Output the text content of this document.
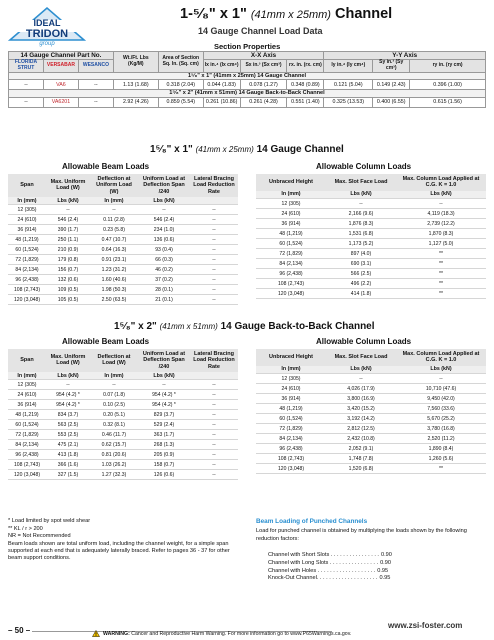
IDEAL
TRIDON
group
1-⁵⁄₈" x 1" (41mm x 25mm) Channel
14 Gauge Channel Load Data
Section Properties
14 Gauge Channel Part No.			Wt./Ft. Lbs (Kg/M)	Area of Section Sq. In. (Sq. cm)	X-X Axis			Y-Y Axis		
FLORIDA STRUT	VERSABAR	WESANCO			Ix in.⁴ (Ix cm⁴)	Sx in.³ (Sx cm³)	rx. in. (rx. cm)	Iy in.⁴ (Iy cm⁴)	Sy in.³ (Sy cm³)	ry in. (ry cm)
1⁵⁄₈" x 1" (41mm x 25mm) 14 Gauge Channel										
--	VA6	--	1.13 (1.68)	0.318 (2.04)	0.044 (1.83)	0.078 (1.27)	0.348 (0.89)	0.121 (5.04)	0.149 (2.43)	0.396 (1.00)
1⁵⁄₈" x 2" (41mm x 51mm) 14 Gauge Back-to-Back Channel										
--	VA6201	--	2.92 (4.26)	0.859 (5.54)	0.261 (10.86)	0.261 (4.28)	0.551 (1.40)	0.325 (13.53)	0.400 (6.55)	0.615 (1.56)
1⁵⁄₈" x 1" (41mm x 25mm) 14 Gauge Channel
Allowable Beam Loads	Allowable Column Loads
Span	Max. Uniform Load (W)	Deflection at Uniform Load (W)	Uniform Load at Deflection Span /240	Lateral Bracing Load Reduction Rate
In (mm)	Lbs (kN)	In (mm)	Lbs (kN)	
12 (305)	--	--	--	--
24 (610)	546 (2.4)	0.11 (2.8)	546 (2.4)	--
36 (914)	390 (1.7)	0.23 (5.8)	234 (1.0)	--
48 (1,219)	250 (1.1)	0.47 (10.7)	136 (0.6)	--
60 (1,524)	210 (0.9)	0.64 (16.3)	93 (0.4)	--
72 (1,829)	179 (0.8)	0.91 (23.1)	66 (0.3)	--
84 (2,134)	156 (0.7)	1.23 (31.2)	46 (0.2)	--
96 (2,438)	132 (0.6)	1.60 (40.6)	37 (0.2)	--
108 (2,743)	109 (0.5)	1.98 (50.3)	28 (0.1)	--
120 (3,048)	105 (0.5)	2.50 (63.5)	21 (0.1)	--
Unbraced Height	Max. Slot Face Load	Max. Column Load Applied at C.G. K = 1.0
In (mm)	Lbs (kN)	Lbs (kN)
12 (305)	--	--
24 (610)	2,166 (9.6)	4,119 (18.3)
36 (914)	1,876 (8.3)	2,739 (12.2)
48 (1,219)	1,531 (6.8)	1,870 (8.3)
60 (1,524)	1,173 (5.2)	1,127 (5.0)
72 (1,829)	897 (4.0)	**
84 (2,134)	690 (3.1)	**
96 (2,438)	566 (2.5)	**
108 (2,743)	496 (2.2)	**
120 (3,048)	414 (1.8)	**
1⁵⁄₈" x 2" (41mm x 51mm) 14 Gauge Back-to-Back Channel
Allowable Beam Loads	Allowable Column Loads
Span	Max. Uniform Load (W)	Deflection at Load (W)	Uniform Load at Deflection Span /240	Lateral Bracing Load Reduction Rate
In (mm)	Lbs (kN)	In (mm)	Lbs (kN)	
12 (305)	--	--	--	--
24 (610)	954 (4.2) *	0.07 (1.8)	954 (4.2) *	--
36 (914)	954 (4.2) *	0.10 (2.5)	954 (4.2) *	--
48 (1,219)	834 (3.7)	0.20 (5.1)	829 (3.7)	--
60 (1,524)	563 (2.5)	0.32 (8.1)	529 (2.4)	--
72 (1,829)	553 (2.5)	0.46 (11.7)	363 (1.7)	--
84 (2,134)	475 (2.1)	0.62 (15.7)	268 (1.3)	--
96 (2,438)	413 (1.8)	0.81 (20.6)	205 (0.9)	--
108 (2,743)	366 (1.6)	1.03 (26.2)	158 (0.7)	--
120 (3,048)	327 (1.5)	1.27 (32.3)	126 (0.6)	--
Unbraced Height	Max. Slot Face Load	Max. Column Load Applied at C.G. K = 1.0
In (mm)	Lbs (kN)	Lbs (kN)
12 (305)	--	--
24 (610)	4,026 (17.9)	10,710 (47.6)
36 (914)	3,800 (16.9)	9,450 (42.0)
48 (1,219)	3,420 (15.2)	7,560 (33.6)
60 (1,524)	3,192 (14.2)	5,670 (25.2)
72 (1,829)	2,812 (12.5)	3,780 (16.8)
84 (2,134)	2,432 (10.8)	2,520 (11.2)
96 (2,438)	2,052 (9.1)	1,890 (8.4)
108 (2,743)	1,748 (7.8)	1,260 (5.6)
120 (3,048)	1,520 (6.8)	**

* Load limited by spot weld shear

** KL / r > 200

NR = Not Recommended

Beam loads shown are total uniform load, including the channel weight, for a simple span supported at each end that is adequately laterally braced. Refer to pages 36 - 37 for other beam support conditions.

Beam Loading of Punched Channels
Load for punched channel is obtained by multiplying the loads shown by the following reduction factors:
Channel with Short Slots . . . . . . . . . . . . . . . . 0.90
Channel with Long Slots . . . . . . . . . . . . . . . . 0.90
Channel with Holes . . . . . . . . . . . . . . . . . . . 0.95
Knock-Out Channel. . . . . . . . . . . . . . . . . . . . 0.95
– 50 –	WARNING:
Cancer and Reproductive Harm Warning. For more information go to www.P65Warnings.ca.gov.
www.zsi-foster.com
